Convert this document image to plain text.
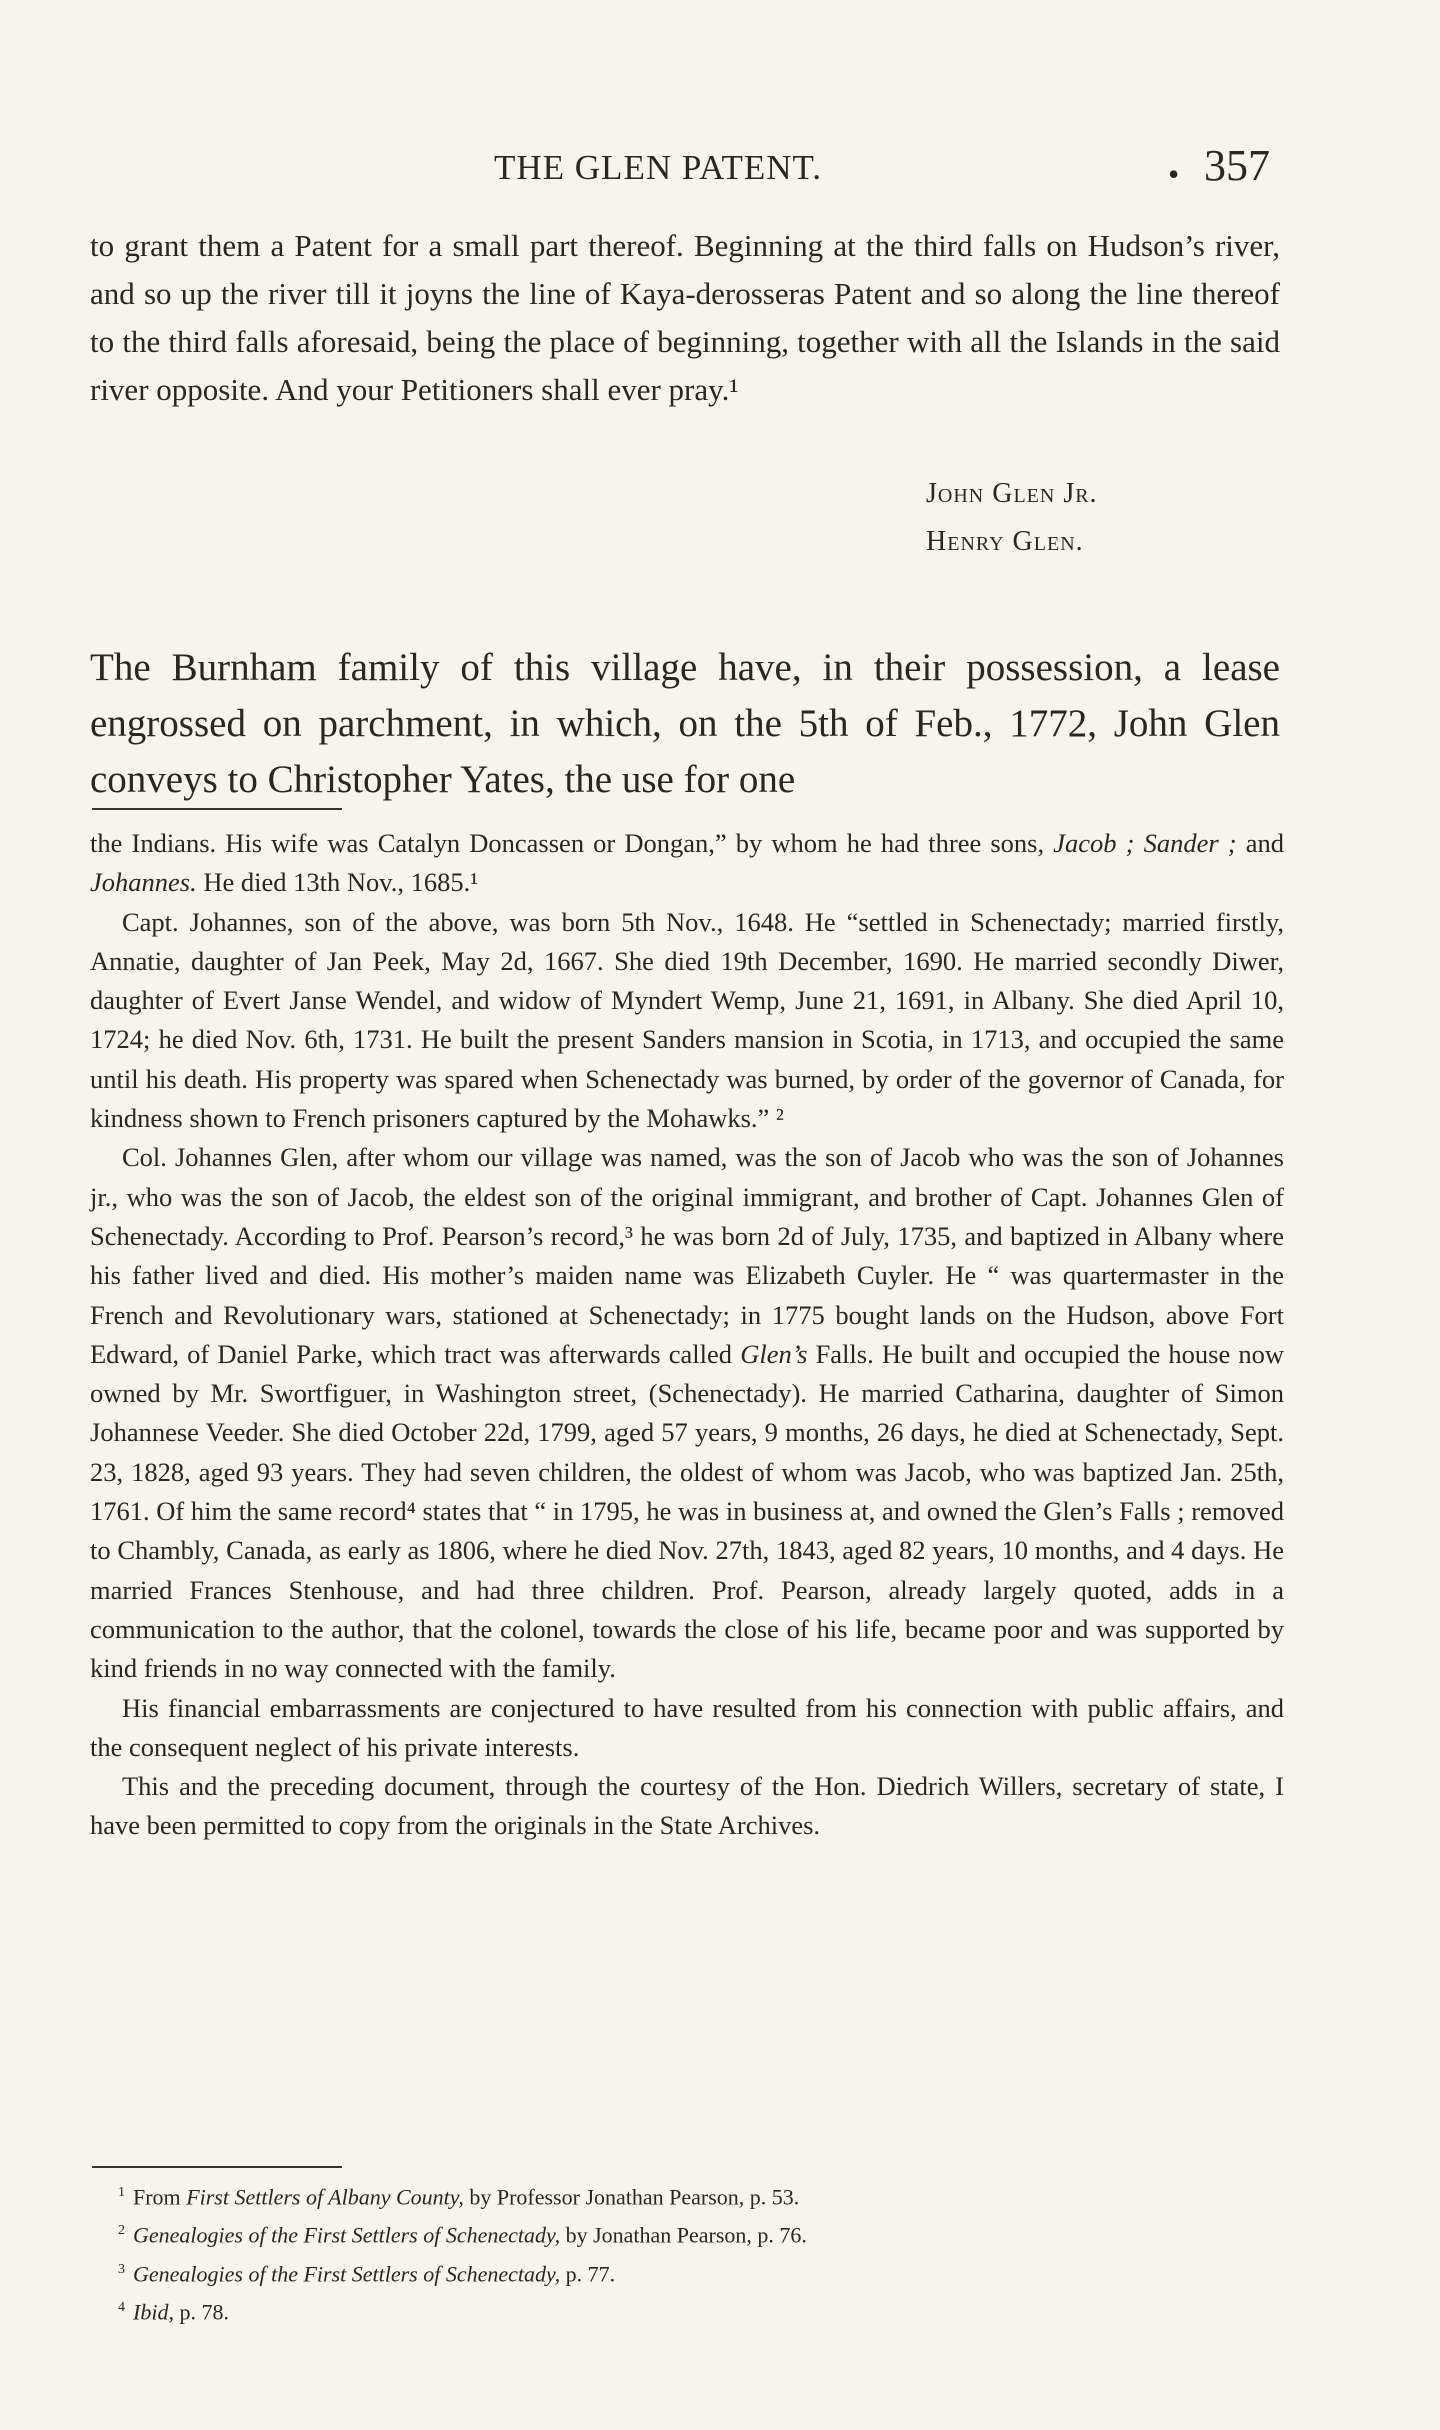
THE GLEN PATENT.	• 357

to grant them a Patent for a small part thereof. Beginning at the third falls on Hudson’s river, and so up the river till it joyns the line of Kaya-derosseras Patent and so along the line thereof to the third falls aforesaid, being the place of beginning, together with all the Islands in the said river opposite. And your Petitioners shall ever pray.¹

John Glen Jr.
Henry Glen.

The Burnham family of this village have, in their possession, a lease engrossed on parchment, in which, on the 5th of Feb., 1772, John Glen conveys to Christopher Yates, the use for one

the Indians. His wife was Catalyn Doncassen or Dongan,” by whom he had three sons, Jacob ; Sander ; and Johannes. He died 13th Nov., 1685.¹

Capt. Johannes, son of the above, was born 5th Nov., 1648. He “settled in Schenectady; married firstly, Annatie, daughter of Jan Peek, May 2d, 1667. She died 19th December, 1690. He married secondly Diwer, daughter of Evert Janse Wendel, and widow of Myndert Wemp, June 21, 1691, in Albany. She died April 10, 1724; he died Nov. 6th, 1731. He built the present Sanders mansion in Scotia, in 1713, and occupied the same until his death. His property was spared when Schenectady was burned, by order of the governor of Canada, for kindness shown to French prisoners captured by the Mohawks.” ²

Col. Johannes Glen, after whom our village was named, was the son of Jacob who was the son of Johannes jr., who was the son of Jacob, the eldest son of the original immigrant, and brother of Capt. Johannes Glen of Schenectady. According to Prof. Pearson’s record,³ he was born 2d of July, 1735, and baptized in Albany where his father lived and died. His mother’s maiden name was Elizabeth Cuyler. He “ was quartermaster in the French and Revolutionary wars, stationed at Schenectady; in 1775 bought lands on the Hudson, above Fort Edward, of Daniel Parke, which tract was afterwards called Glen’s Falls. He built and occupied the house now owned by Mr. Swortfiguer, in Washington street, (Schenectady). He married Catharina, daughter of Simon Johannese Veeder. She died October 22d, 1799, aged 57 years, 9 months, 26 days, he died at Schenectady, Sept. 23, 1828, aged 93 years. They had seven children, the oldest of whom was Jacob, who was baptized Jan. 25th, 1761. Of him the same record⁴ states that “ in 1795, he was in business at, and owned the Glen’s Falls ; removed to Chambly, Canada, as early as 1806, where he died Nov. 27th, 1843, aged 82 years, 10 months, and 4 days. He married Frances Stenhouse, and had three children. Prof. Pearson, already largely quoted, adds in a communication to the author, that the colonel, towards the close of his life, became poor and was supported by kind friends in no way connected with the family.

His financial embarrassments are conjectured to have resulted from his connection with public affairs, and the consequent neglect of his private interests.

This and the preceding document, through the courtesy of the Hon. Diedrich Willers, secretary of state, I have been permitted to copy from the originals in the State Archives.

$^1$ From First Settlers of Albany County, by Professor Jonathan Pearson, p. 53.
$^2$ Genealogies of the First Settlers of Schenectady, by Jonathan Pearson, p. 76.
$^3$ Genealogies of the First Settlers of Schenectady, p. 77.
$^4$ Ibid, p. 78.
